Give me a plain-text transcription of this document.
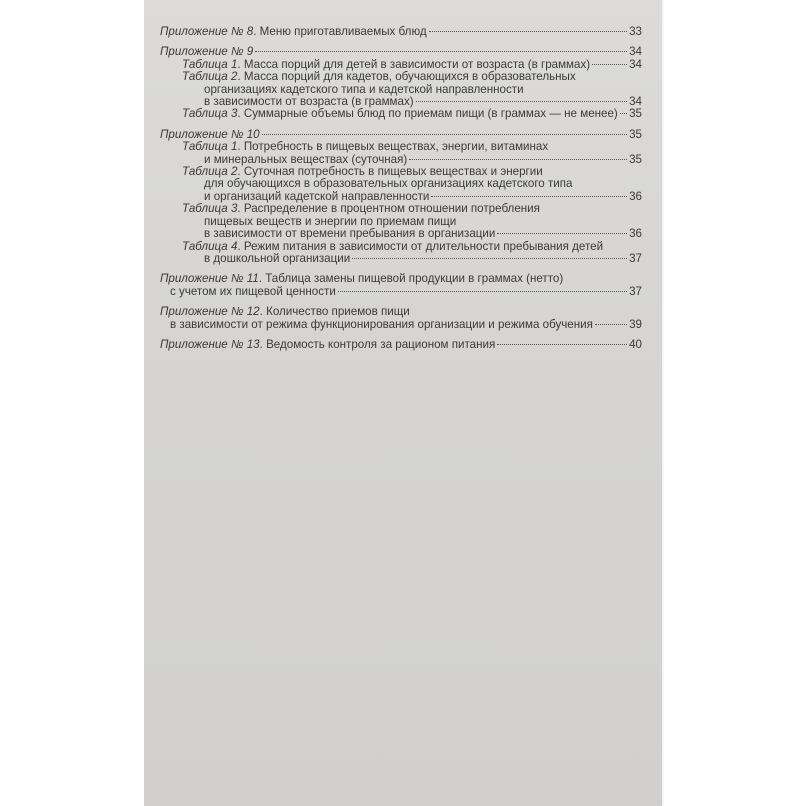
Приложение № 8. Меню приготавливаемых блюд	33
Приложение № 9	34
Таблица 1. Масса порций для детей в зависимости от возраста (в граммах)	34
Таблица 2. Масса порций для кадетов, обучающихся в образовательных
организациях кадетского типа и кадетской направленности
в зависимости от возраста (в граммах)	34
Таблица 3. Суммарные объемы блюд по приемам пищи (в граммах — не менее) 35
Приложение № 10	35
Таблица 1. Потребность в пищевых веществах, энергии, витаминах
и минеральных веществах (суточная)	35
Таблица 2. Суточная потребность в пищевых веществах и энергии
для обучающихся в образовательных организациях кадетского типа
и организаций кадетской направленности	36
Таблица 3. Распределение в процентном отношении потребления
пищевых веществ и энергии по приемам пищи
в зависимости от времени пребывания в организации	36
Таблица 4. Режим питания в зависимости от длительности пребывания детей
в дошкольной организации	37
Приложение № 11. Таблица замены пищевой продукции в граммах (нетто)
с учетом их пищевой ценности	37
Приложение № 12. Количество приемов пищи
в зависимости от режима функционирования организации и режима обучения	39
Приложение № 13. Ведомость контроля за рационом питания	40
